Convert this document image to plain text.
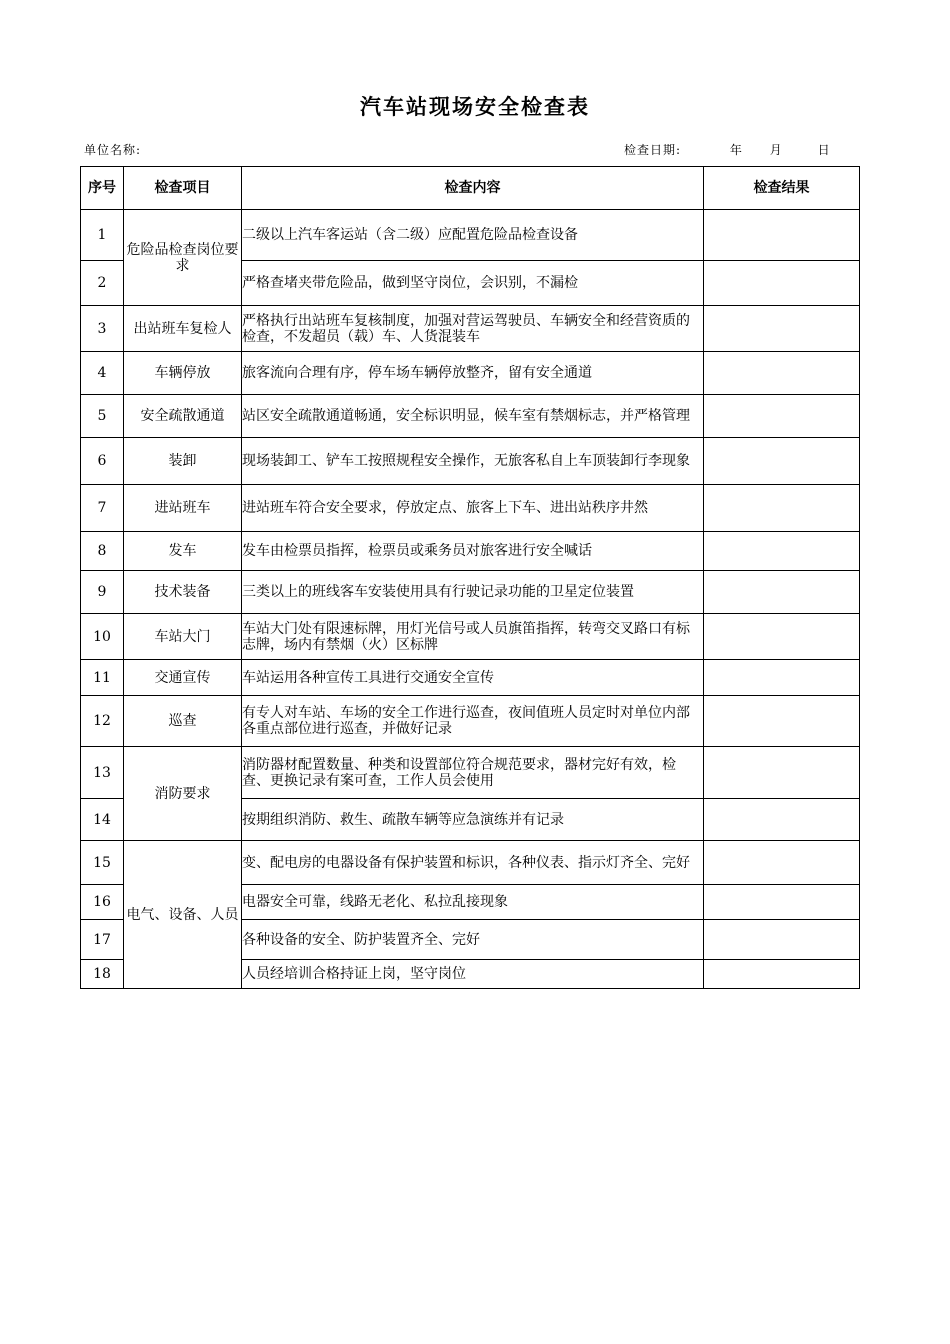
汽车站现场安全检查表
单位名称:	检查日期:	年 月	日
序号	检查项目	检查内容	检查结果
1	危险品检查岗位要求	二级以上汽车客运站（含二级）应配置危险品检查设备	
2		严格查堵夹带危险品，做到坚守岗位，会识别，不漏检	
3	出站班车复检人	严格执行出站班车复核制度，加强对营运驾驶员、车辆安全和经营资质的检查，不发超员（载）车、人货混装车	
4	车辆停放	旅客流向合理有序，停车场车辆停放整齐，留有安全通道	
5	安全疏散通道	站区安全疏散通道畅通，安全标识明显，候车室有禁烟标志，并严格管理	
6	装卸	现场装卸工、铲车工按照规程安全操作，无旅客私自上车顶装卸行李现象	
7	进站班车	进站班车符合安全要求，停放定点、旅客上下车、进出站秩序井然	
8	发车	发车由检票员指挥，检票员或乘务员对旅客进行安全喊话	
9	技术装备	三类以上的班线客车安装使用具有行驶记录功能的卫星定位装置	
10	车站大门	车站大门处有限速标牌，用灯光信号或人员旗笛指挥，转弯交叉路口有标志牌，场内有禁烟（火）区标牌	
11	交通宣传	车站运用各种宣传工具进行交通安全宣传	
12	巡查	有专人对车站、车场的安全工作进行巡查，夜间值班人员定时对单位内部各重点部位进行巡查，并做好记录	
13	消防要求	消防器材配置数量、种类和设置部位符合规范要求，器材完好有效，检查、更换记录有案可查，工作人员会使用	
14		按期组织消防、救生、疏散车辆等应急演练并有记录	
15	电气、设备、人员	变、配电房的电器设备有保护装置和标识，各种仪表、指示灯齐全、完好	
16		电器安全可靠，线路无老化、私拉乱接现象	
17		各种设备的安全、防护装置齐全、完好	
18		人员经培训合格持证上岗，坚守岗位	
